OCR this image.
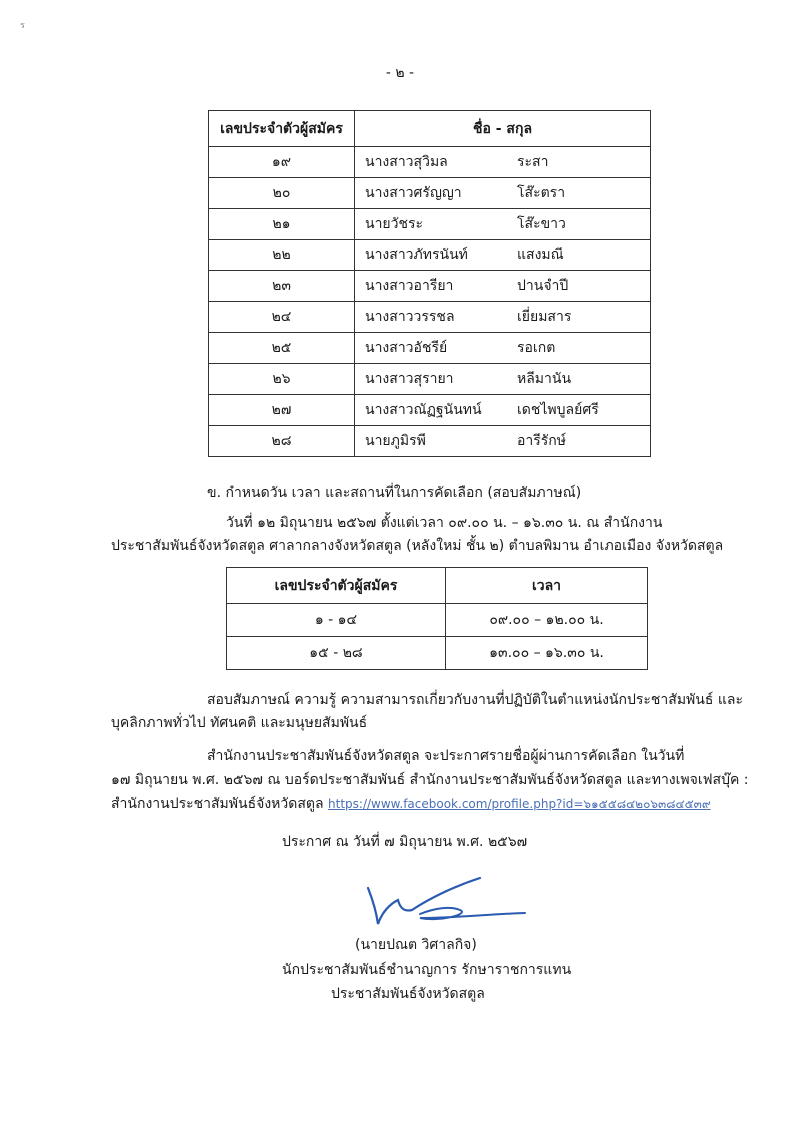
ร
- ๒ -
เลขประจำตัวผู้สมัคร	ชื่อ - สกุล
๑๙	นางสาวสุวิมล ระสา
๒๐	นางสาวศรัญญา โส๊ะตรา
๒๑	นายวัชระ โส๊ะขาว
๒๒	นางสาวภัทรนันท์ แสงมณี
๒๓	นางสาวอารียา ปานจำปี
๒๔	นางสาววรรชล เยี่ยมสาร
๒๕	นางสาวอัชรีย์ รอเกต
๒๖	นางสาวสุรายา หลีมานัน
๒๗	นางสาวณัฏฐนันทน์ เดชไพบูลย์ศรี
๒๘	นายภูมิรพี อารีรักษ์
ข. กำหนดวัน เวลา และสถานที่ในการคัดเลือก (สอบสัมภาษณ์)
วันที่ ๑๒ มิถุนายน ๒๕๖๗ ตั้งแต่เวลา ๐๙.๐๐ น. – ๑๖.๓๐ น. ณ สำนักงาน
ประชาสัมพันธ์จังหวัดสตูล ศาลากลางจังหวัดสตูล (หลังใหม่ ชั้น ๒) ตำบลพิมาน อำเภอเมือง จังหวัดสตูล
เลขประจำตัวผู้สมัคร	เวลา
๑ - ๑๔	๐๙.๐๐ – ๑๒.๐๐ น.
๑๕ - ๒๘	๑๓.๐๐ – ๑๖.๓๐ น.
สอบสัมภาษณ์ ความรู้ ความสามารถเกี่ยวกับงานที่ปฏิบัติในตำแหน่งนักประชาสัมพันธ์ และ
บุคลิกภาพทั่วไป ทัศนคติ และมนุษยสัมพันธ์
สำนักงานประชาสัมพันธ์จังหวัดสตูล จะประกาศรายชื่อผู้ผ่านการคัดเลือก ในวันที่
๑๗ มิถุนายน พ.ศ. ๒๕๖๗ ณ บอร์ดประชาสัมพันธ์ สำนักงานประชาสัมพันธ์จังหวัดสตูล และทางเพจเฟสบุ๊ค :
สำนักงานประชาสัมพันธ์จังหวัดสตูล https://www.facebook.com/profile.php?id=๖๑๕๕๘๔๒๐๖๓๘๔๕๓๙
ประกาศ ณ วันที่ ๗ มิถุนายน พ.ศ. ๒๕๖๗
(นายปณต วิศาลกิจ)
นักประชาสัมพันธ์ชำนาญการ รักษาราชการแทน
ประชาสัมพันธ์จังหวัดสตูล
